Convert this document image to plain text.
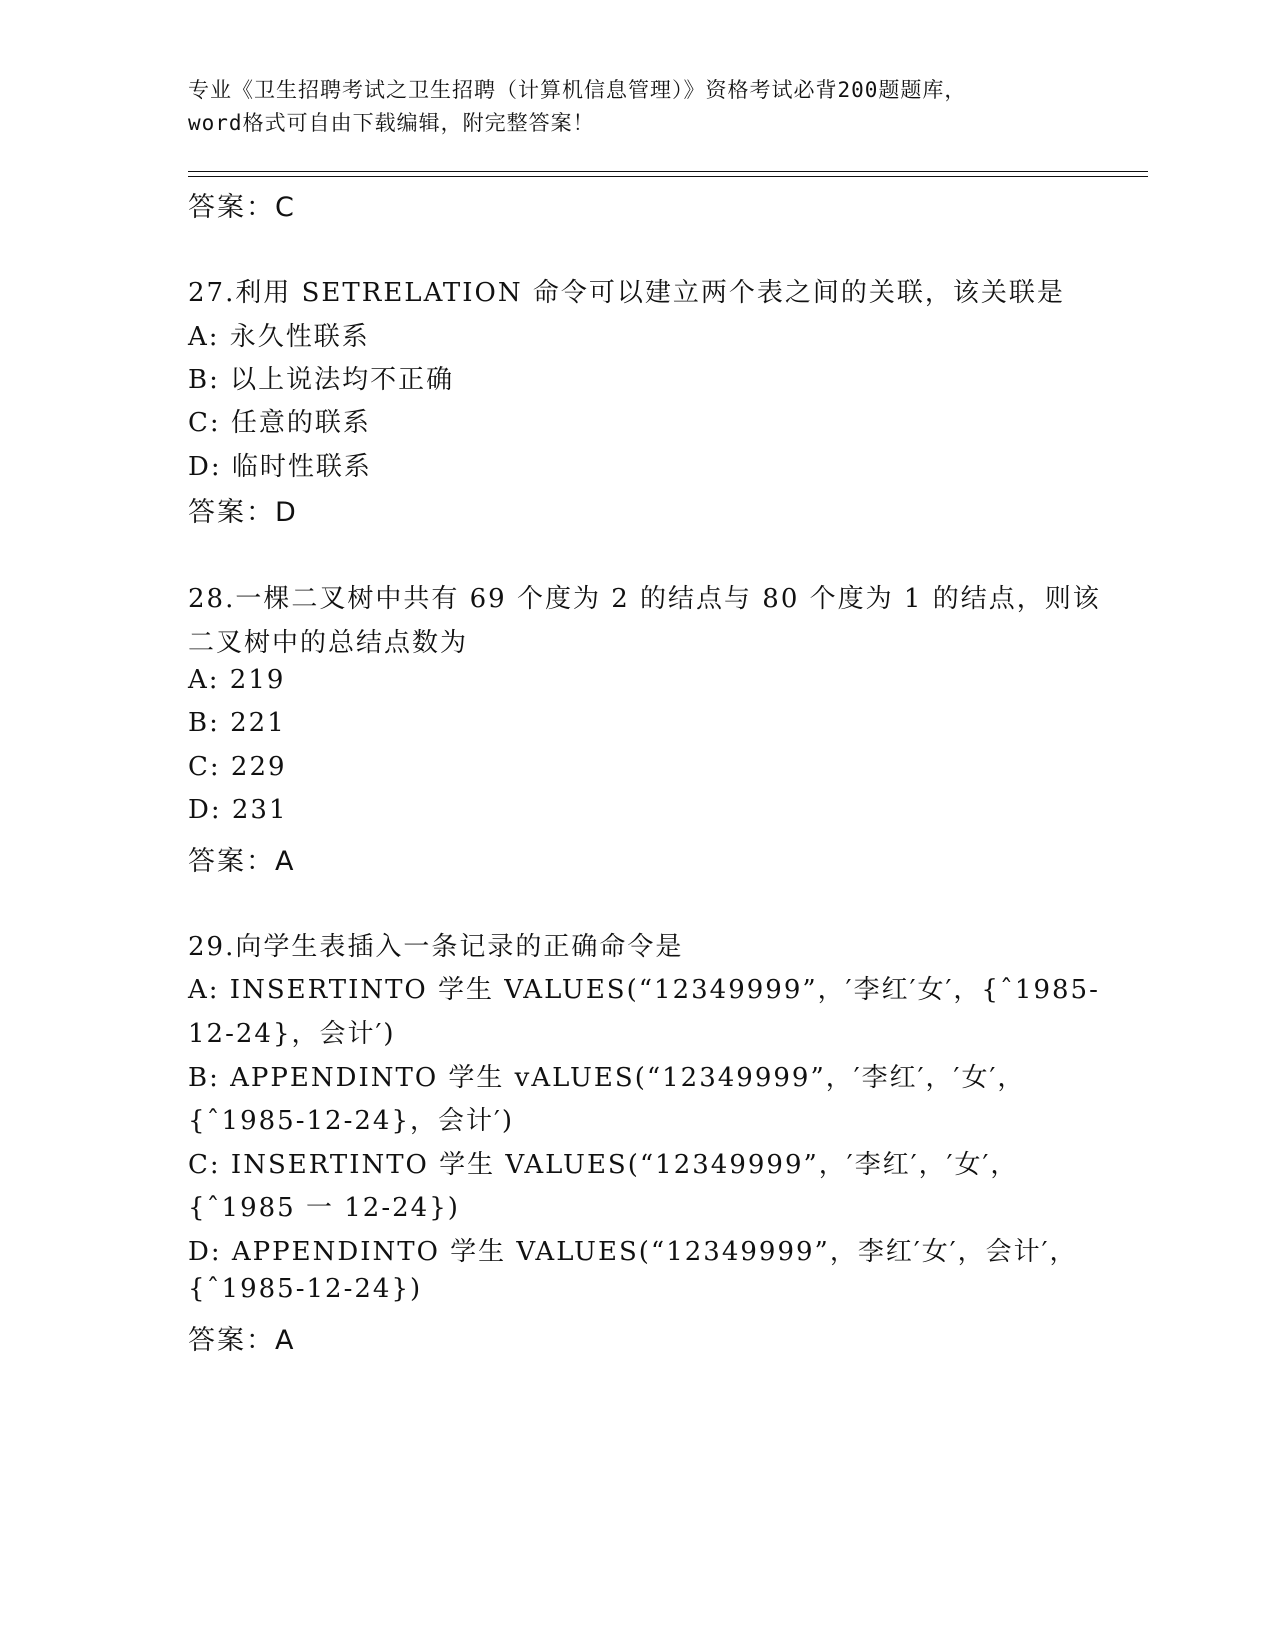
专业《卫生招聘考试之卫生招聘（计算机信息管理）》资格考试必背200题题库，
word格式可自由下载编辑，附完整答案！
答案：C
27.利用 SETRELATION 命令可以建立两个表之间的关联，该关联是
A: 永久性联系
B: 以上说法均不正确
C: 任意的联系
D: 临时性联系
答案：D
28.一棵二叉树中共有 69 个度为 2 的结点与 80 个度为 1 的结点，则该
二叉树中的总结点数为
A: 219
B: 221
C: 229
D: 231
答案：A
29.向学生表插入一条记录的正确命令是
A: INSERTINTO 学生 VALUES(“12349999”，′李红′女′，{ˆ1985-
12-24}，会计′)
B: APPENDINTO 学生 vALUES(“12349999”，′李红′，′女′，
{ˆ1985-12-24}，会计′)
C: INSERTINTO 学生 VALUES(“12349999”，′李红′，′女′，
{ˆ1985 一 12-24})
D: APPENDINTO 学生 VALUES(“12349999”，李红′女′，会计′，
{ˆ1985-12-24})
答案：A
